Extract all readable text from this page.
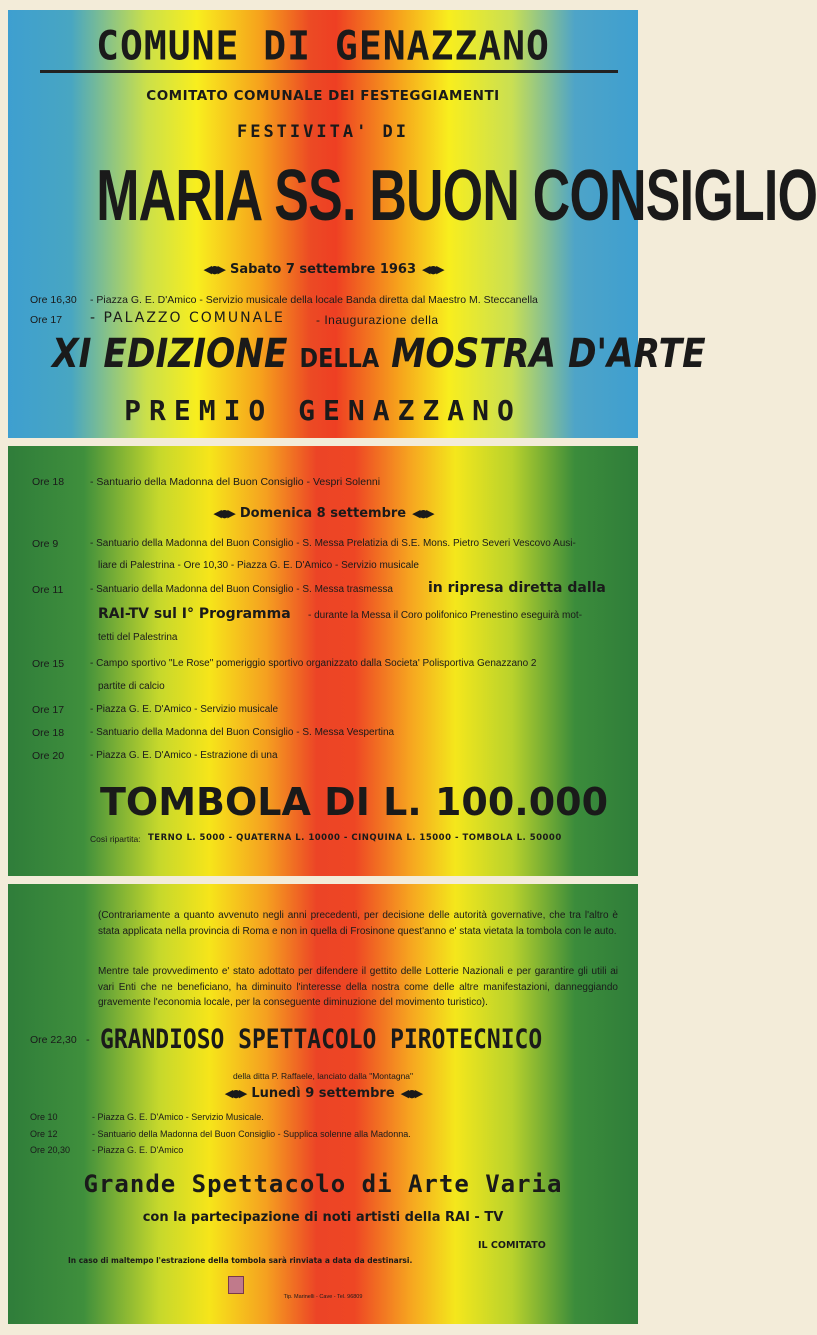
COMUNE DI GENAZZANO
COMITATO COMUNALE DEI FESTEGGIAMENTI
FESTIVITA' DI
MARIA SS. BUON CONSIGLIO
◀●▶ Sabato 7 settembre 1963 ◀●▶
Ore 16,30 - Piazza G. E. D'Amico - Servizio musicale della locale Banda diretta dal Maestro M. Steccanella
Ore 17 - PALAZZO COMUNALE	- Inaugurazione della
XI EDIZIONE DELLA MOSTRA D'ARTE
PREMIO GENAZZANO
Ore 18 - Santuario della Madonna del Buon Consiglio - Vespri Solenni
◀●▶ Domenica 8 settembre ◀●▶
Ore 9	- Santuario della Madonna del Buon Consiglio - S. Messa Prelatizia di S.E. Mons. Pietro Severi Vescovo Ausi-
liare di Palestrina - Ore 10,30 - Piazza G. E. D'Amico - Servizio musicale
Ore 11	- Santuario della Madonna del Buon Consiglio - S. Messa trasmessa	in ripresa diretta dalla
RAI-TV sul I° Programma - durante la Messa il Coro polifonico Prenestino eseguirà mot-
tetti del Palestrina
Ore 15	- Campo sportivo "Le Rose" pomeriggio sportivo organizzato dalla Societa' Polisportiva Genazzano 2
partite di calcio
Ore 17	- Piazza G. E. D'Amico - Servizio musicale
Ore 18	- Santuario della Madonna del Buon Consiglio - S. Messa Vespertina
Ore 20	- Piazza G. E. D'Amico - Estrazione di una
TOMBOLA DI L. 100.000
Così ripartita: TERNO L. 5000 - QUATERNA L. 10000 - CINQUINA L. 15000 - TOMBOLA L. 50000
(Contrariamente a quanto avvenuto negli anni precedenti, per decisione delle autorità governative, che tra l'altro è stata applicata nella provincia di Roma e non in quella di Frosinone quest'anno e' stata vietata la tombola con le auto.
Mentre tale provvedimento e' stato adottato per difendere il gettito delle Lotterie Nazionali e per garantire gli utili ai vari Enti che ne beneficiano, ha diminuito l'interesse della nostra come delle altre manifestazioni, danneggiando gravemente l'economia locale, per la conseguente diminuzione del movimento turistico).
Ore 22,30 - GRANDIOSO SPETTACOLO PIROTECNICO
della ditta P. Raffaele, lanciato dalla "Montagna"
◀●▶ Lunedì 9 settembre ◀●▶
Ore 10	- Piazza G. E. D'Amico - Servizio Musicale.
Ore 12	- Santuario della Madonna del Buon Consiglio - Supplica solenne alla Madonna.
Ore 20,30 - Piazza G. E. D'Amico
Grande Spettacolo di Arte Varia
con la partecipazione di noti artisti della RAI - TV
IL COMITATO
In caso di maltempo l'estrazione della tombola sarà rinviata a data da destinarsi.
Tip. Marinelli - Cave - Tel. 96809
